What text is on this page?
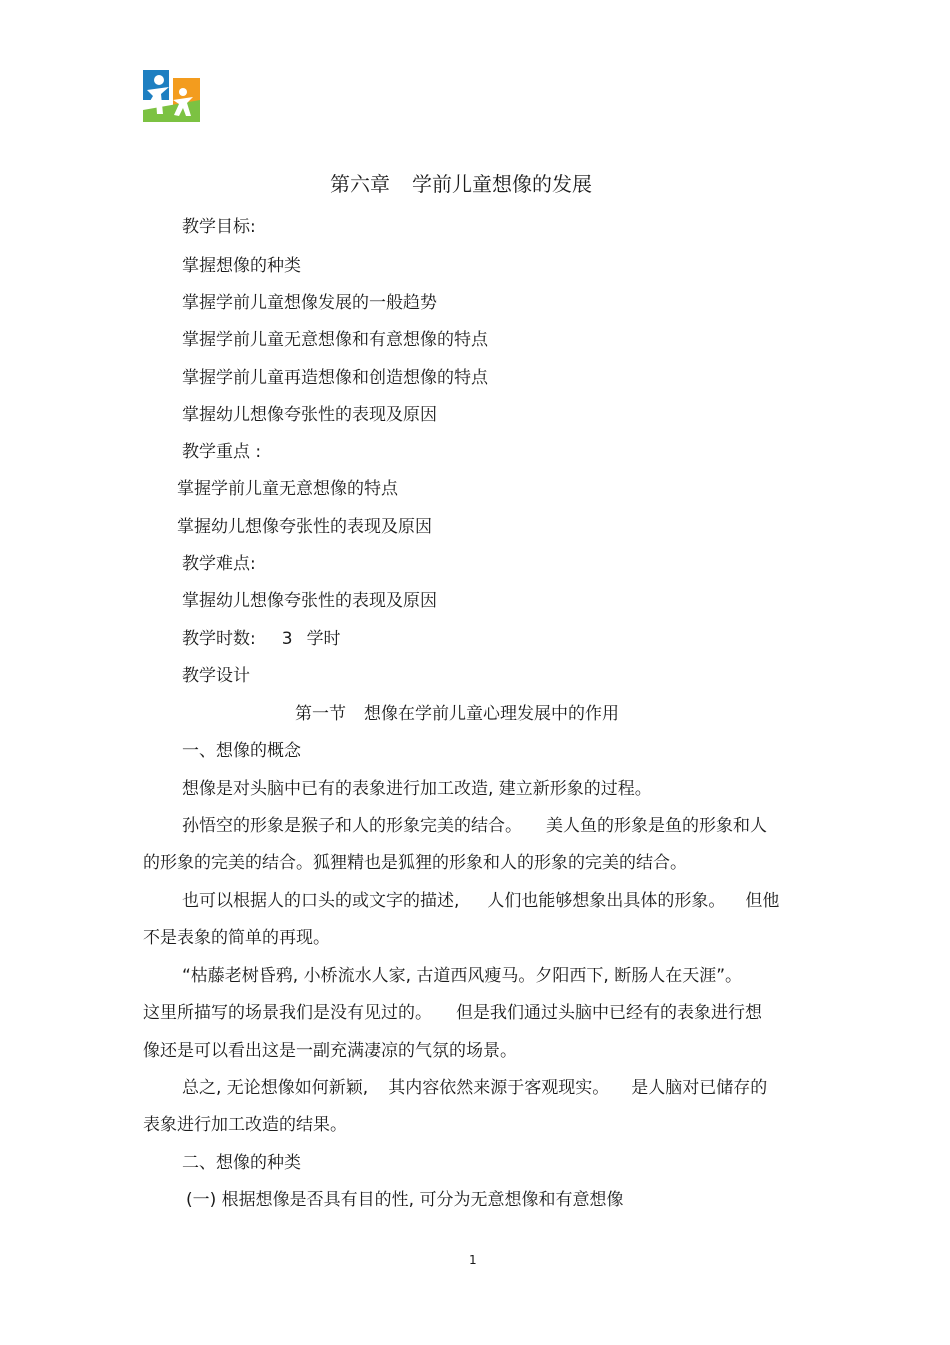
第六章 学前儿童想像的发展
教学目标:
掌握想像的种类
掌握学前儿童想像发展的一般趋势
掌握学前儿童无意想像和有意想像的特点
掌握学前儿童再造想像和创造想像的特点
掌握幼儿想像夸张性的表现及原因
教学重点 :
掌握学前儿童无意想像的特点
掌握幼儿想像夸张性的表现及原因
教学难点:
掌握幼儿想像夸张性的表现及原因
教学时数: 3 学时
教学设计
第一节 想像在学前儿童心理发展中的作用
一、想像的概念
想像是对头脑中已有的表象进行加工改造, 建立新形象的过程。
孙悟空的形象是猴子和人的形象完美的结合。 美人鱼的形象是鱼的形象和人
的形象的完美的结合。狐狸精也是狐狸的形象和人的形象的完美的结合。
也可以根据人的口头的或文字的描述, 人们也能够想象出具体的形象。 但他
不是表象的简单的再现。
“枯藤老树昏鸦, 小桥流水人家, 古道西风瘦马。夕阳西下, 断肠人在天涯”。
这里所描写的场景我们是没有见过的。 但是我们通过头脑中已经有的表象进行想
像还是可以看出这是一副充满凄凉的气氛的场景。
总之, 无论想像如何新颖, 其内容依然来源于客观现实。 是人脑对已储存的
表象进行加工改造的结果。
二、想像的种类
(一) 根据想像是否具有目的性, 可分为无意想像和有意想像
1
